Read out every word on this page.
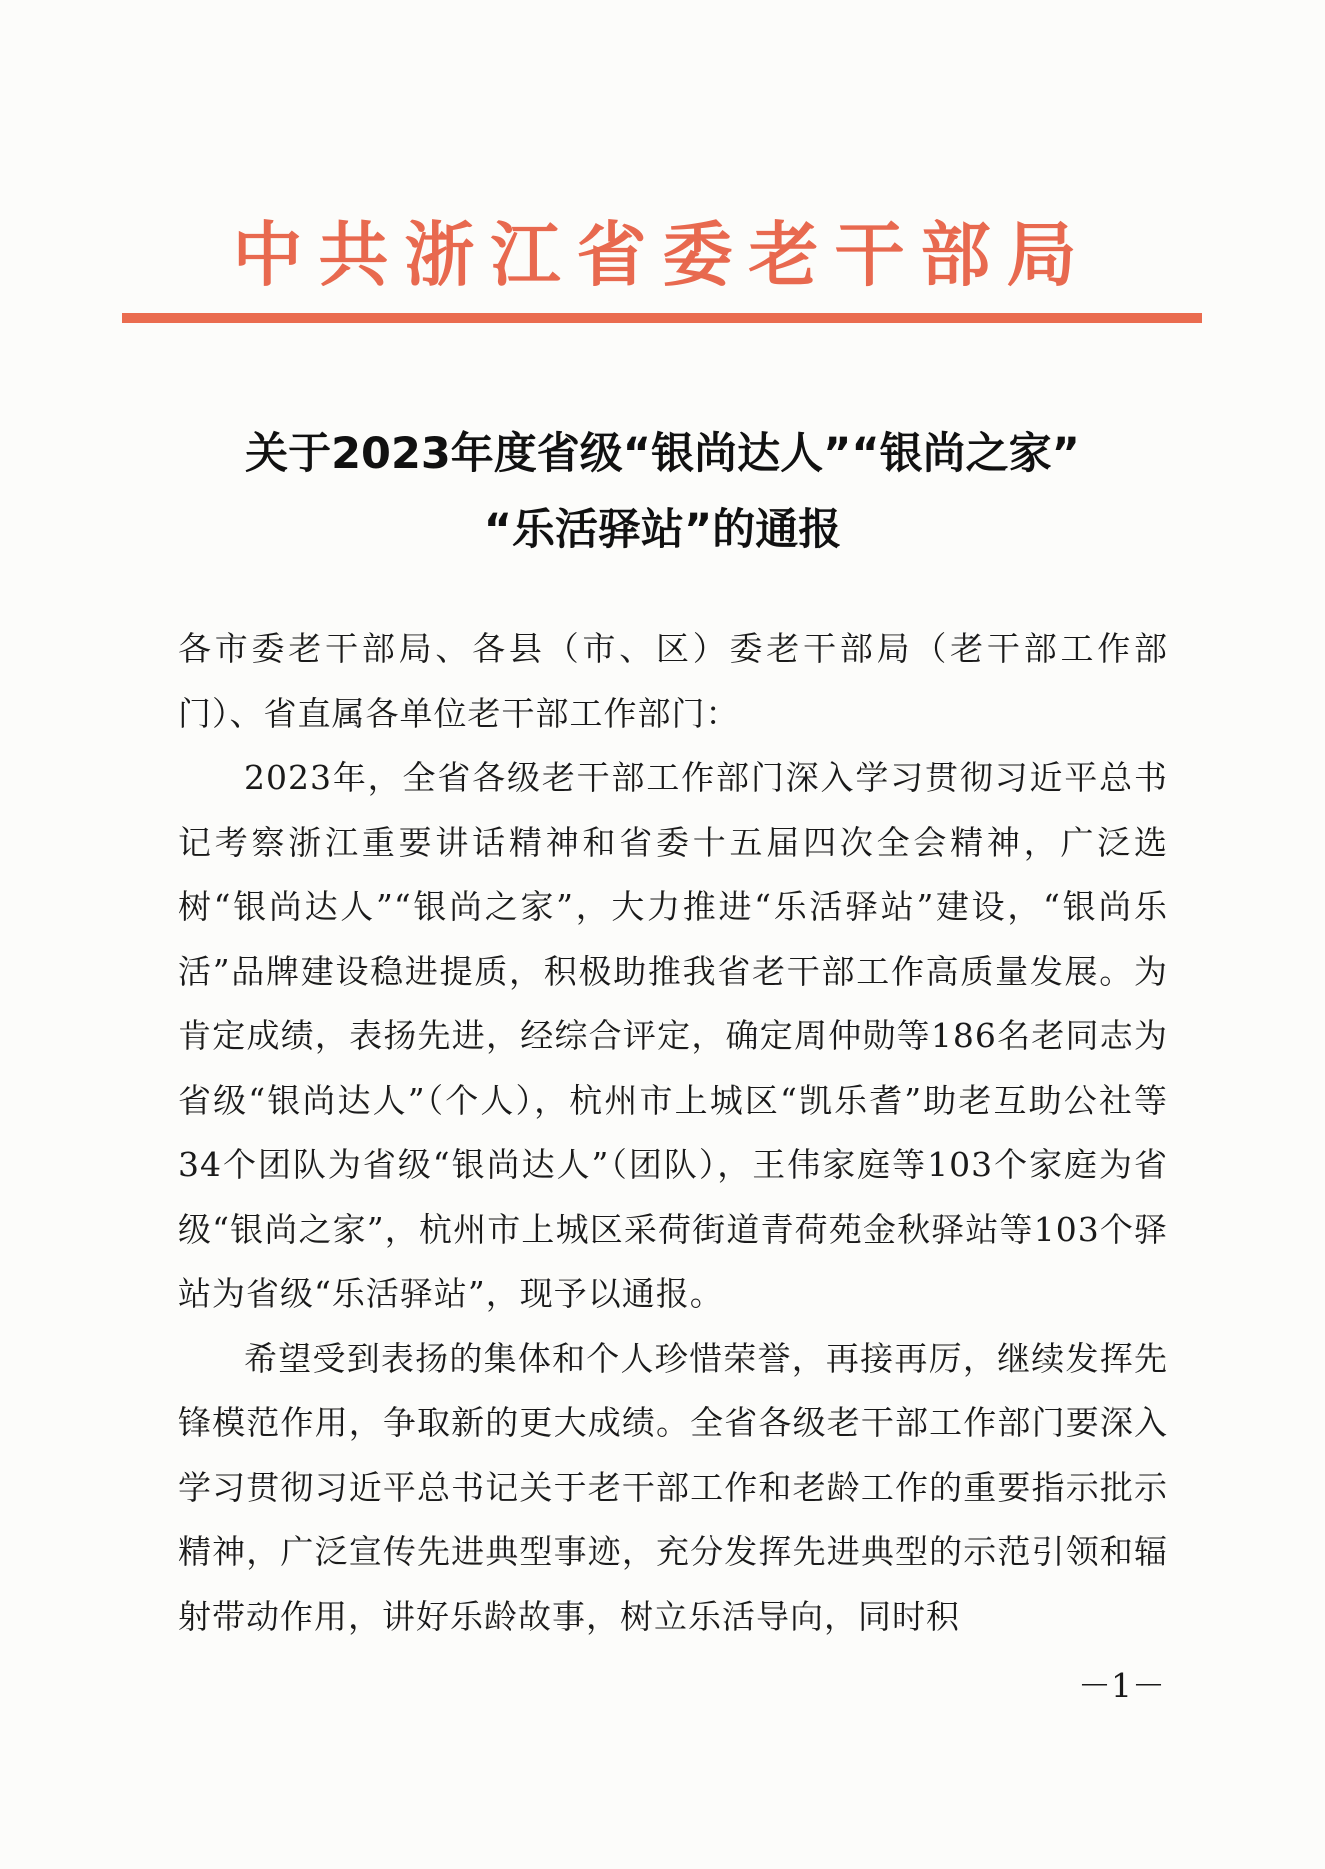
中共浙江省委老干部局
关于2023年度省级“银尚达人”“银尚之家”
“乐活驿站”的通报

各市委老干部局、各县（市、区）委老干部局（老干部工作部门）、省直属各单位老干部工作部门：

2023年，全省各级老干部工作部门深入学习贯彻习近平总书记考察浙江重要讲话精神和省委十五届四次全会精神，广泛选树“银尚达人”“银尚之家”，大力推进“乐活驿站”建设，“银尚乐活”品牌建设稳进提质，积极助推我省老干部工作高质量发展。为肯定成绩，表扬先进，经综合评定，确定周仲勋等186名老同志为省级“银尚达人”（个人），杭州市上城区“凯乐耆”助老互助公社等34个团队为省级“银尚达人”（团队），王伟家庭等103个家庭为省级“银尚之家”，杭州市上城区采荷街道青荷苑金秋驿站等103个驿站为省级“乐活驿站”，现予以通报。

希望受到表扬的集体和个人珍惜荣誉，再接再厉，继续发挥先锋模范作用，争取新的更大成绩。全省各级老干部工作部门要深入学习贯彻习近平总书记关于老干部工作和老龄工作的重要指示批示精神，广泛宣传先进典型事迹，充分发挥先进典型的示范引领和辐射带动作用，讲好乐龄故事，树立乐活导向，同时积

－1－
